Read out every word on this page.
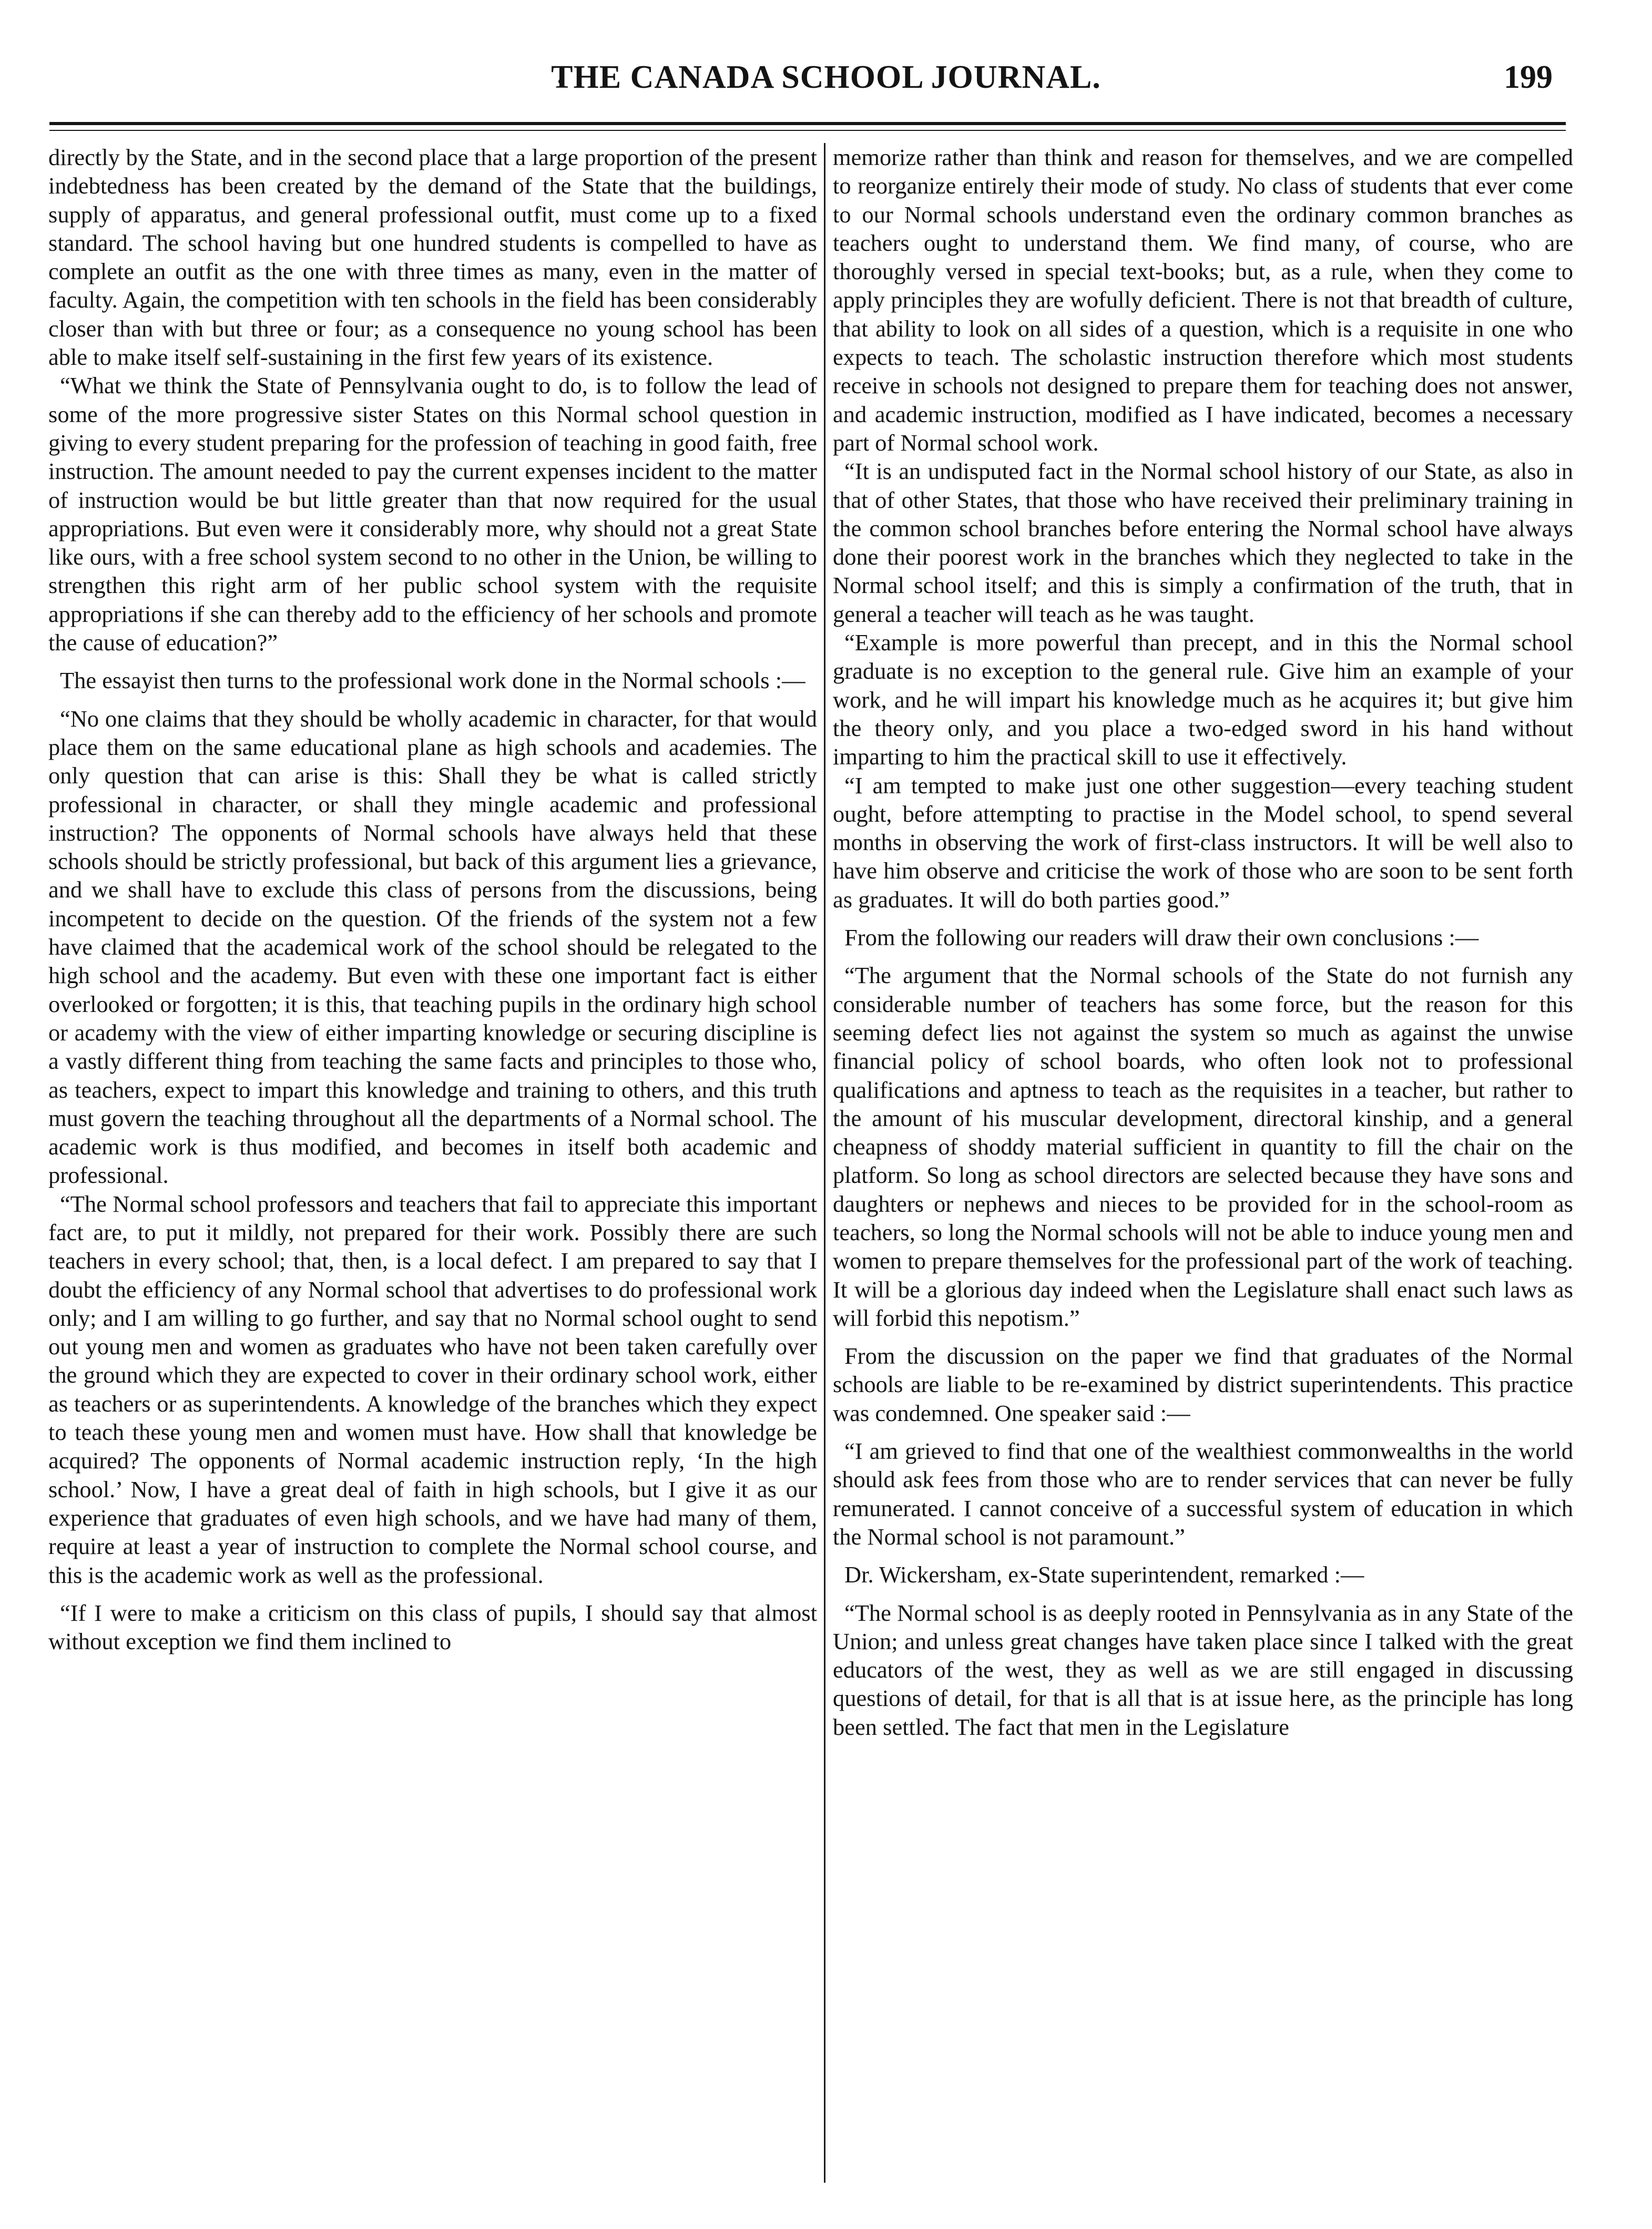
THE CANADA SCHOOL JOURNAL.	199

directly by the State, and in the second place that a large proportion of the present indebtedness has been created by the demand of the State that the buildings, supply of apparatus, and general professional outfit, must come up to a fixed standard. The school having but one hundred students is compelled to have as complete an outfit as the one with three times as many, even in the matter of faculty. Again, the competition with ten schools in the field has been considerably closer than with but three or four; as a consequence no young school has been able to make itself self-sustaining in the first few years of its existence.

“What we think the State of Pennsylvania ought to do, is to follow the lead of some of the more progressive sister States on this Normal school question in giving to every student preparing for the profession of teaching in good faith, free instruction. The amount needed to pay the current expenses incident to the matter of instruction would be but little greater than that now required for the usual appropriations. But even were it considerably more, why should not a great State like ours, with a free school system second to no other in the Union, be willing to strengthen this right arm of her public school system with the requisite appropriations if she can thereby add to the efficiency of her schools and promote the cause of education?”

The essayist then turns to the professional work done in the Normal schools :—

“No one claims that they should be wholly academic in character, for that would place them on the same educational plane as high schools and academies. The only question that can arise is this: Shall they be what is called strictly professional in character, or shall they mingle academic and professional instruction? The opponents of Normal schools have always held that these schools should be strictly professional, but back of this argument lies a grievance, and we shall have to exclude this class of persons from the discussions, being incompetent to decide on the question. Of the friends of the system not a few have claimed that the academical work of the school should be relegated to the high school and the academy. But even with these one important fact is either overlooked or forgotten; it is this, that teaching pupils in the ordinary high school or academy with the view of either imparting knowledge or securing discipline is a vastly different thing from teaching the same facts and principles to those who, as teachers, expect to impart this knowledge and training to others, and this truth must govern the teaching throughout all the departments of a Normal school. The academic work is thus modified, and becomes in itself both academic and professional.

“The Normal school professors and teachers that fail to appreciate this important fact are, to put it mildly, not prepared for their work. Possibly there are such teachers in every school; that, then, is a local defect. I am prepared to say that I doubt the efficiency of any Normal school that advertises to do professional work only; and I am willing to go further, and say that no Normal school ought to send out young men and women as graduates who have not been taken carefully over the ground which they are expected to cover in their ordinary school work, either as teachers or as superintendents. A knowledge of the branches which they expect to teach these young men and women must have. How shall that knowledge be acquired? The opponents of Normal academic instruction reply, ‘In the high school.’ Now, I have a great deal of faith in high schools, but I give it as our experience that graduates of even high schools, and we have had many of them, require at least a year of instruction to complete the Normal school course, and this is the academic work as well as the professional.

“If I were to make a criticism on this class of pupils, I should say that almost without exception we find them inclined to

memorize rather than think and reason for themselves, and we are compelled to reorganize entirely their mode of study. No class of students that ever come to our Normal schools understand even the ordinary common branches as teachers ought to understand them. We find many, of course, who are thoroughly versed in special text-books; but, as a rule, when they come to apply principles they are wofully deficient. There is not that breadth of culture, that ability to look on all sides of a question, which is a requisite in one who expects to teach. The scholastic instruction therefore which most students receive in schools not designed to prepare them for teaching does not answer, and academic instruction, modified as I have indicated, becomes a necessary part of Normal school work.

“It is an undisputed fact in the Normal school history of our State, as also in that of other States, that those who have received their preliminary training in the common school branches before entering the Normal school have always done their poorest work in the branches which they neglected to take in the Normal school itself; and this is simply a confirmation of the truth, that in general a teacher will teach as he was taught.

“Example is more powerful than precept, and in this the Normal school graduate is no exception to the general rule. Give him an example of your work, and he will impart his knowledge much as he acquires it; but give him the theory only, and you place a two-edged sword in his hand without imparting to him the practical skill to use it effectively.

“I am tempted to make just one other suggestion—every teaching student ought, before attempting to practise in the Model school, to spend several months in observing the work of first-class instructors. It will be well also to have him observe and criticise the work of those who are soon to be sent forth as graduates. It will do both parties good.”

From the following our readers will draw their own conclusions :—

“The argument that the Normal schools of the State do not furnish any considerable number of teachers has some force, but the reason for this seeming defect lies not against the system so much as against the unwise financial policy of school boards, who often look not to professional qualifications and aptness to teach as the requisites in a teacher, but rather to the amount of his muscular development, directoral kinship, and a general cheapness of shoddy material sufficient in quantity to fill the chair on the platform. So long as school directors are selected because they have sons and daughters or nephews and nieces to be provided for in the school-room as teachers, so long the Normal schools will not be able to induce young men and women to prepare themselves for the professional part of the work of teaching. It will be a glorious day indeed when the Legislature shall enact such laws as will forbid this nepotism.”

From the discussion on the paper we find that graduates of the Normal schools are liable to be re-examined by district superintendents. This practice was condemned. One speaker said :—

“I am grieved to find that one of the wealthiest commonwealths in the world should ask fees from those who are to render services that can never be fully remunerated. I cannot conceive of a successful system of education in which the Normal school is not paramount.”

Dr. Wickersham, ex-State superintendent, remarked :—

“The Normal school is as deeply rooted in Pennsylvania as in any State of the Union; and unless great changes have taken place since I talked with the great educators of the west, they as well as we are still engaged in discussing questions of detail, for that is all that is at issue here, as the principle has long been settled. The fact that men in the Legislature
